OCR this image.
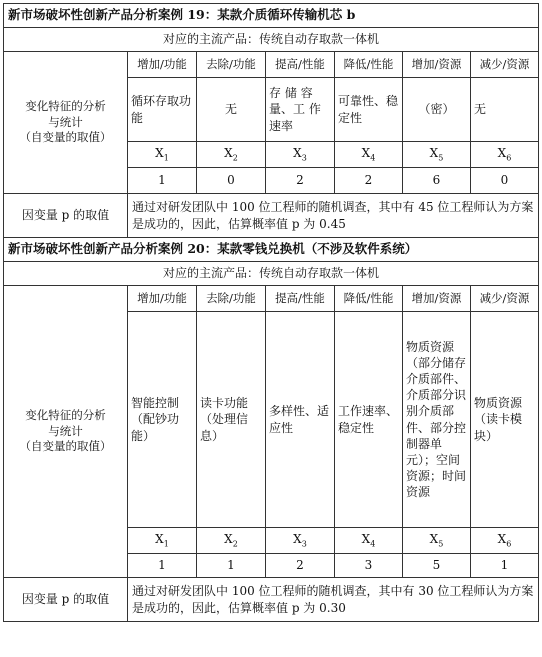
新市场破坏性创新产品分析案例 19：某款介质循环传输机芯 b						
对应的主流产品：传统自动存取款一体机						

变化特征的分析
与统计
（自变量的取值）	增加/功能	去除/功能	提高/性能	降低/性能	增加/资源	减少/资源
	循环存取功能	无	存 储 容量、工 作速率	可靠性、稳定性	（密）	无
	$X_1$	$X_2$	$X_3$	$X_4$	$X_5$	$X_6$
	1	0	2	2	6	0
因变量 p 的取值	通过对研发团队中 100 位工程师的随机调查，其中有 45 位工程师认为方案是成功的，因此，估算概率值 p 为 0.45					
新市场破坏性创新产品分析案例 20：某款零钱兑换机（不涉及软件系统）						
对应的主流产品：传统自动存取款一体机						

变化特征的分析
与统计
（自变量的取值）	增加/功能	去除/功能	提高/性能	降低/性能	增加/资源	减少/资源
	智能控制（配钞功能）	读卡功能（处理信息）	多样性、适应性	工作速率、稳定性	物质资源（部分储存介质部件、介质部分识别介质部件、部分控制器单元）；空间资源；时间资源	物质资源（读卡模块）
	$X_1$	$X_2$	$X_3$	$X_4$	$X_5$	$X_6$
	1	1	2	3	5	1
因变量 p 的取值	通过对研发团队中 100 位工程师的随机调查，其中有 30 位工程师认为方案是成功的，因此，估算概率值 p 为 0.30					
